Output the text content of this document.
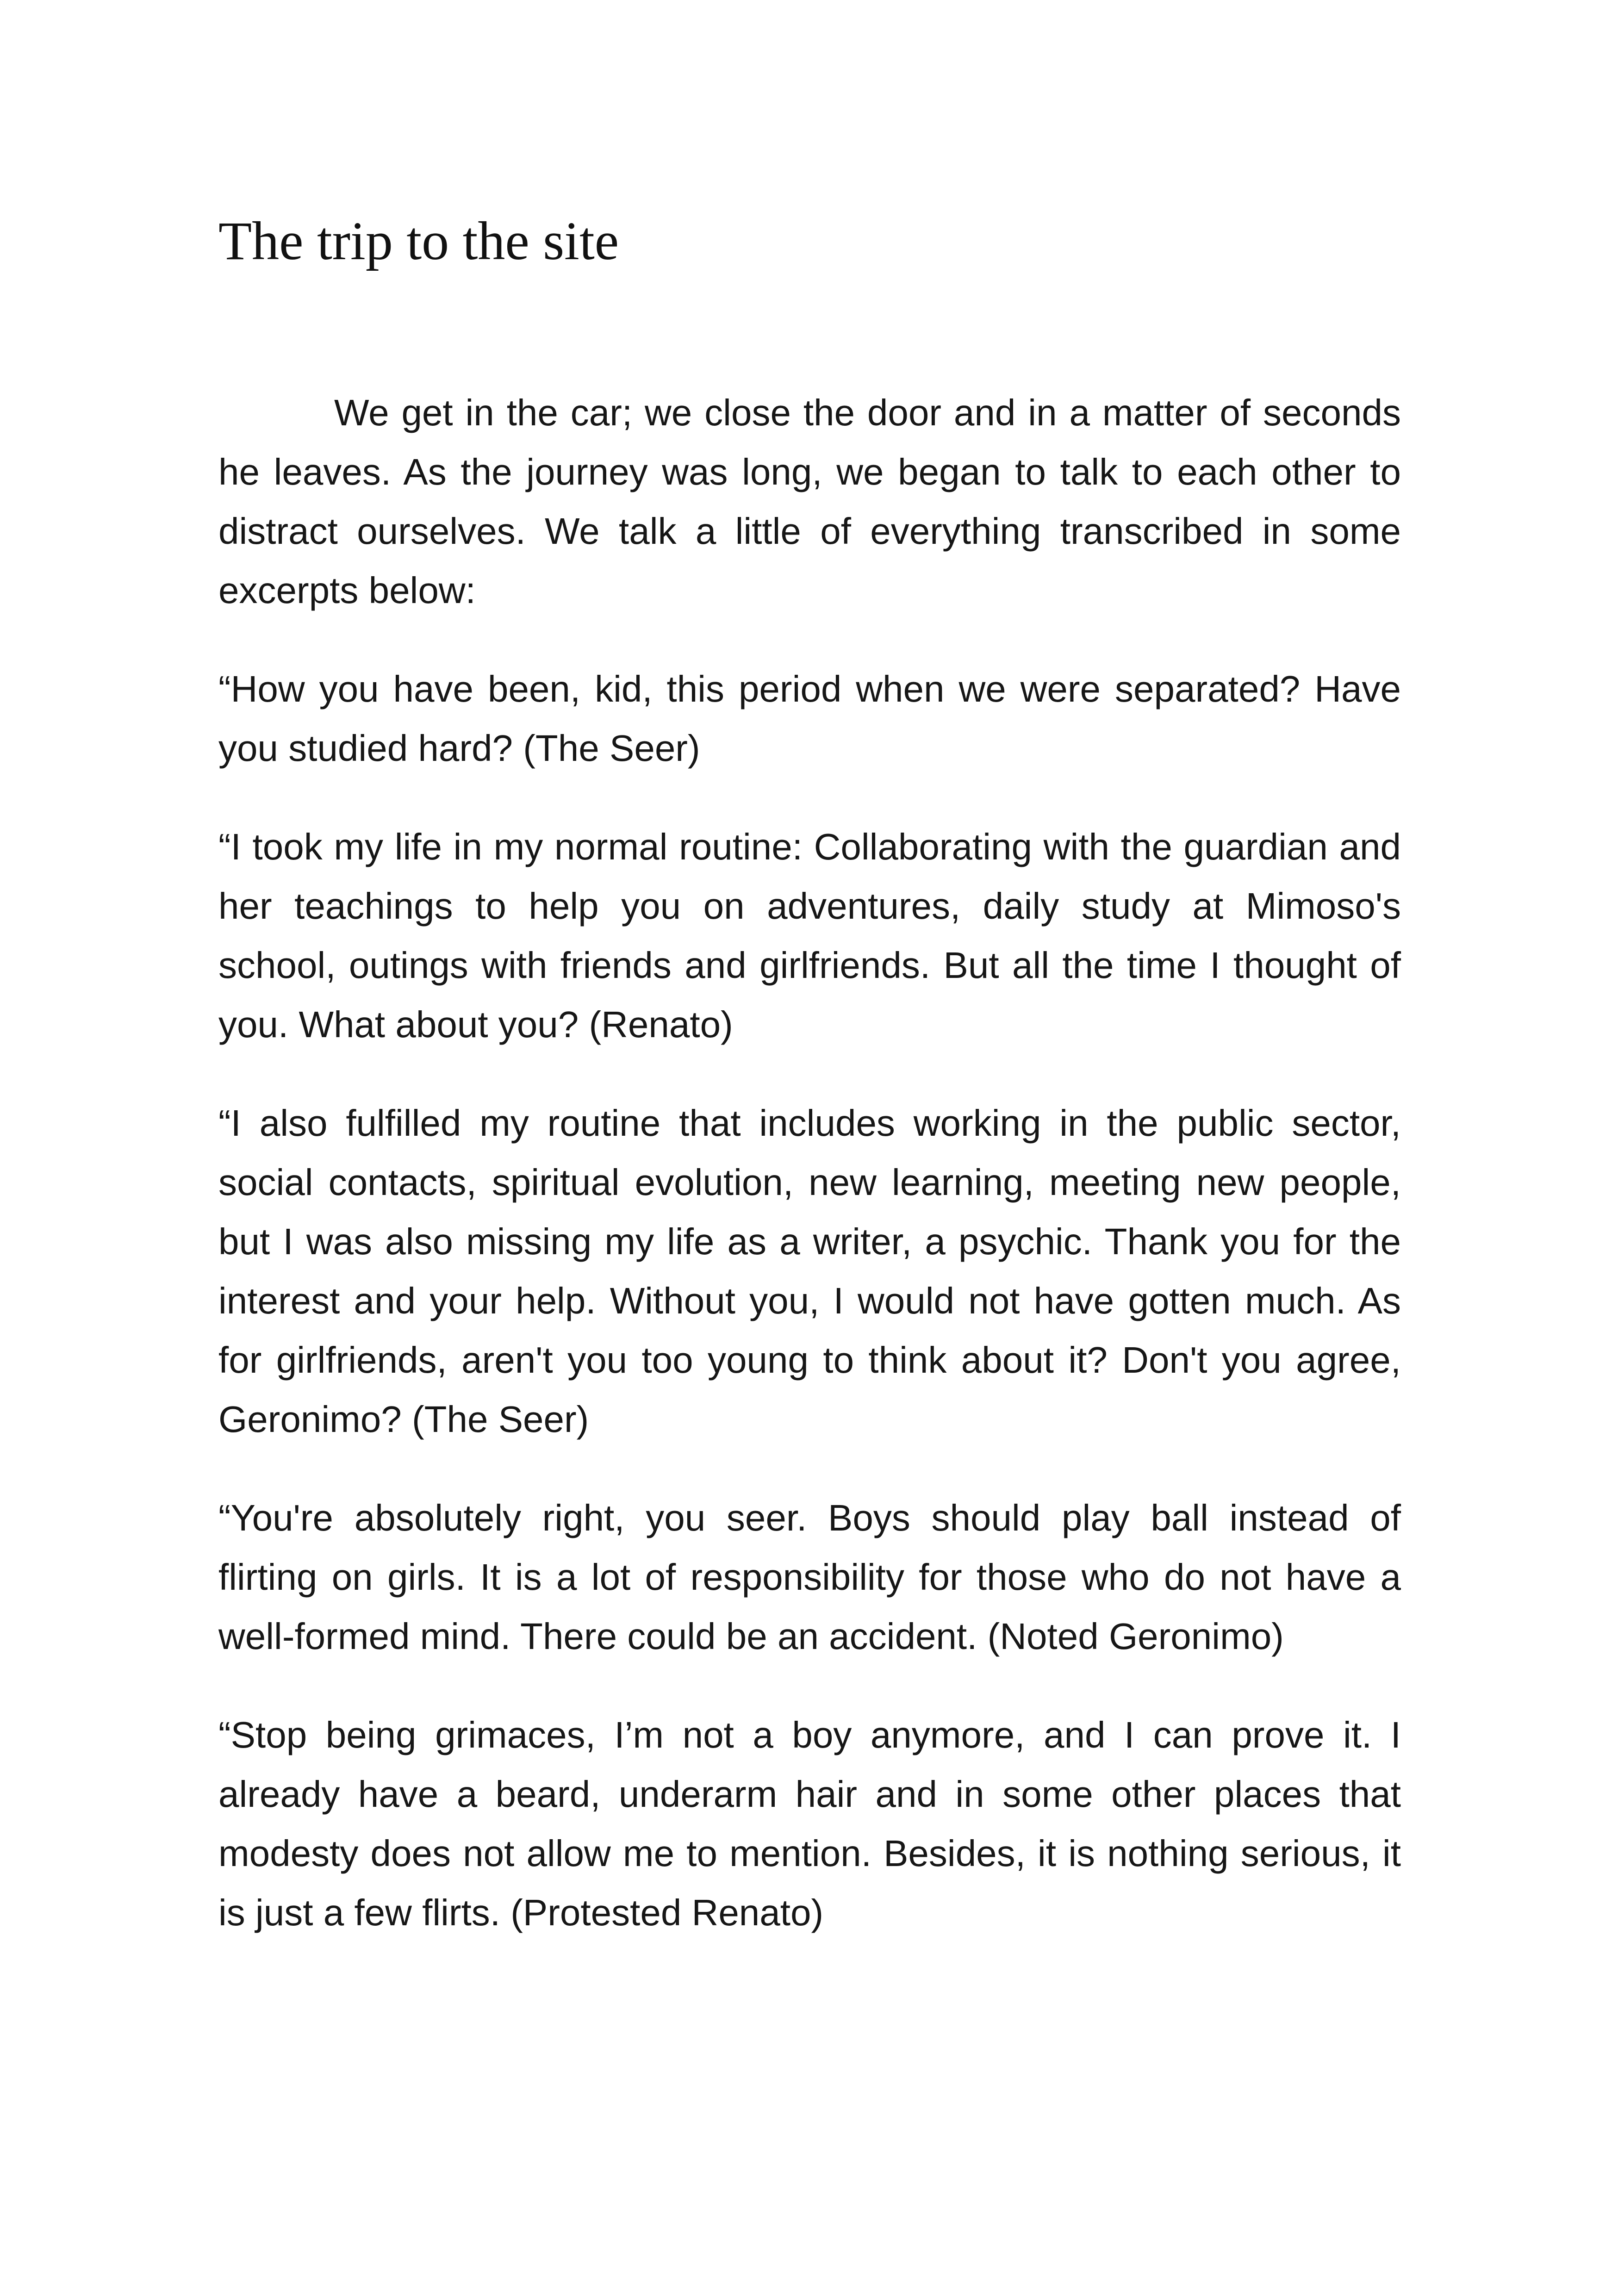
The trip to the site

We get in the car; we close the door and in a matter of seconds he leaves. As the journey was long, we began to talk to each other to distract ourselves. We talk a little of everything transcribed in some excerpts below:

“How you have been, kid, this period when we were separated? Have you studied hard? (The Seer)

“I took my life in my normal routine: Collaborating with the guardian and her teachings to help you on adventures, daily study at Mimoso's school, outings with friends and girlfriends. But all the time I thought of you. What about you? (Renato)

“I also fulfilled my routine that includes working in the public sector, social contacts, spiritual evolution, new learning, meeting new people, but I was also missing my life as a writer, a psychic. Thank you for the interest and your help. Without you, I would not have gotten much. As for girlfriends, aren't you too young to think about it? Don't you agree, Geronimo? (The Seer)

“You're absolutely right, you seer. Boys should play ball instead of flirting on girls. It is a lot of responsibility for those who do not have a well-formed mind. There could be an accident. (Noted Geronimo)

“Stop being grimaces, I’m not a boy anymore, and I can prove it. I already have a beard, underarm hair and in some other places that modesty does not allow me to mention. Besides, it is nothing serious, it is just a few flirts. (Protested Renato)
